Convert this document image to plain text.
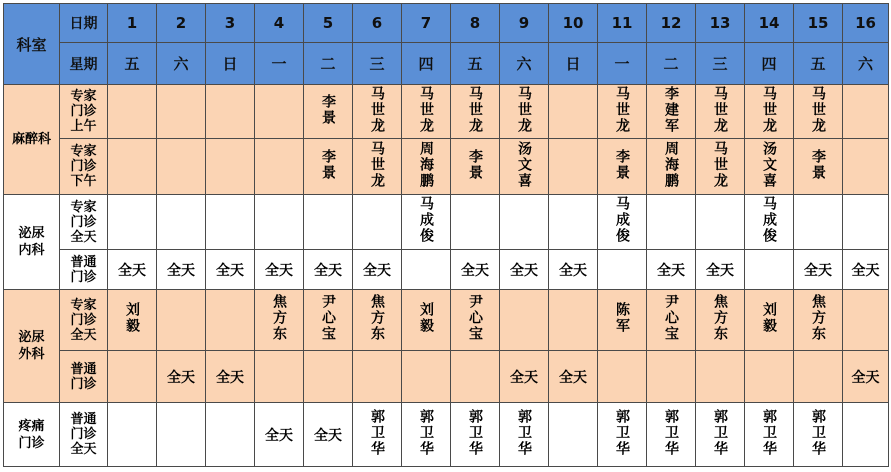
科室	日期	1	2	3	4	5	6	7	8	9	10	11	12	13	14	15	16
	星期	五	六	日	一	二	三	四	五	六	日	一	二	三	四	五	六

麻醉科	专家
门诊
上午					李景	马世龙	马世龙	马世龙	马世龙		马世龙	李建军	马世龙	马世龙	马世龙	

	专家
门诊
下午					李景	马世龙	周海鹏	李景	汤文喜		李景	周海鹏	马世龙	汤文喜	李景	

泌尿
内科	专家
门诊
全天							马成俊				马成俊			马成俊		

	普通
门诊	全天	全天	全天	全天	全天	全天		全天	全天	全天		全天	全天		全天	全天

泌尿
外科	专家
门诊
全天	刘毅			焦方东	尹心宝	焦方东	刘毅	尹心宝			陈军	尹心宝	焦方东	刘毅	焦方东	

	普通
门诊		全天	全天						全天	全天						全天

疼痛
门诊	普通
门诊
全天				全天	全天	郭卫华	郭卫华	郭卫华	郭卫华		郭卫华	郭卫华	郭卫华	郭卫华	郭卫华	
